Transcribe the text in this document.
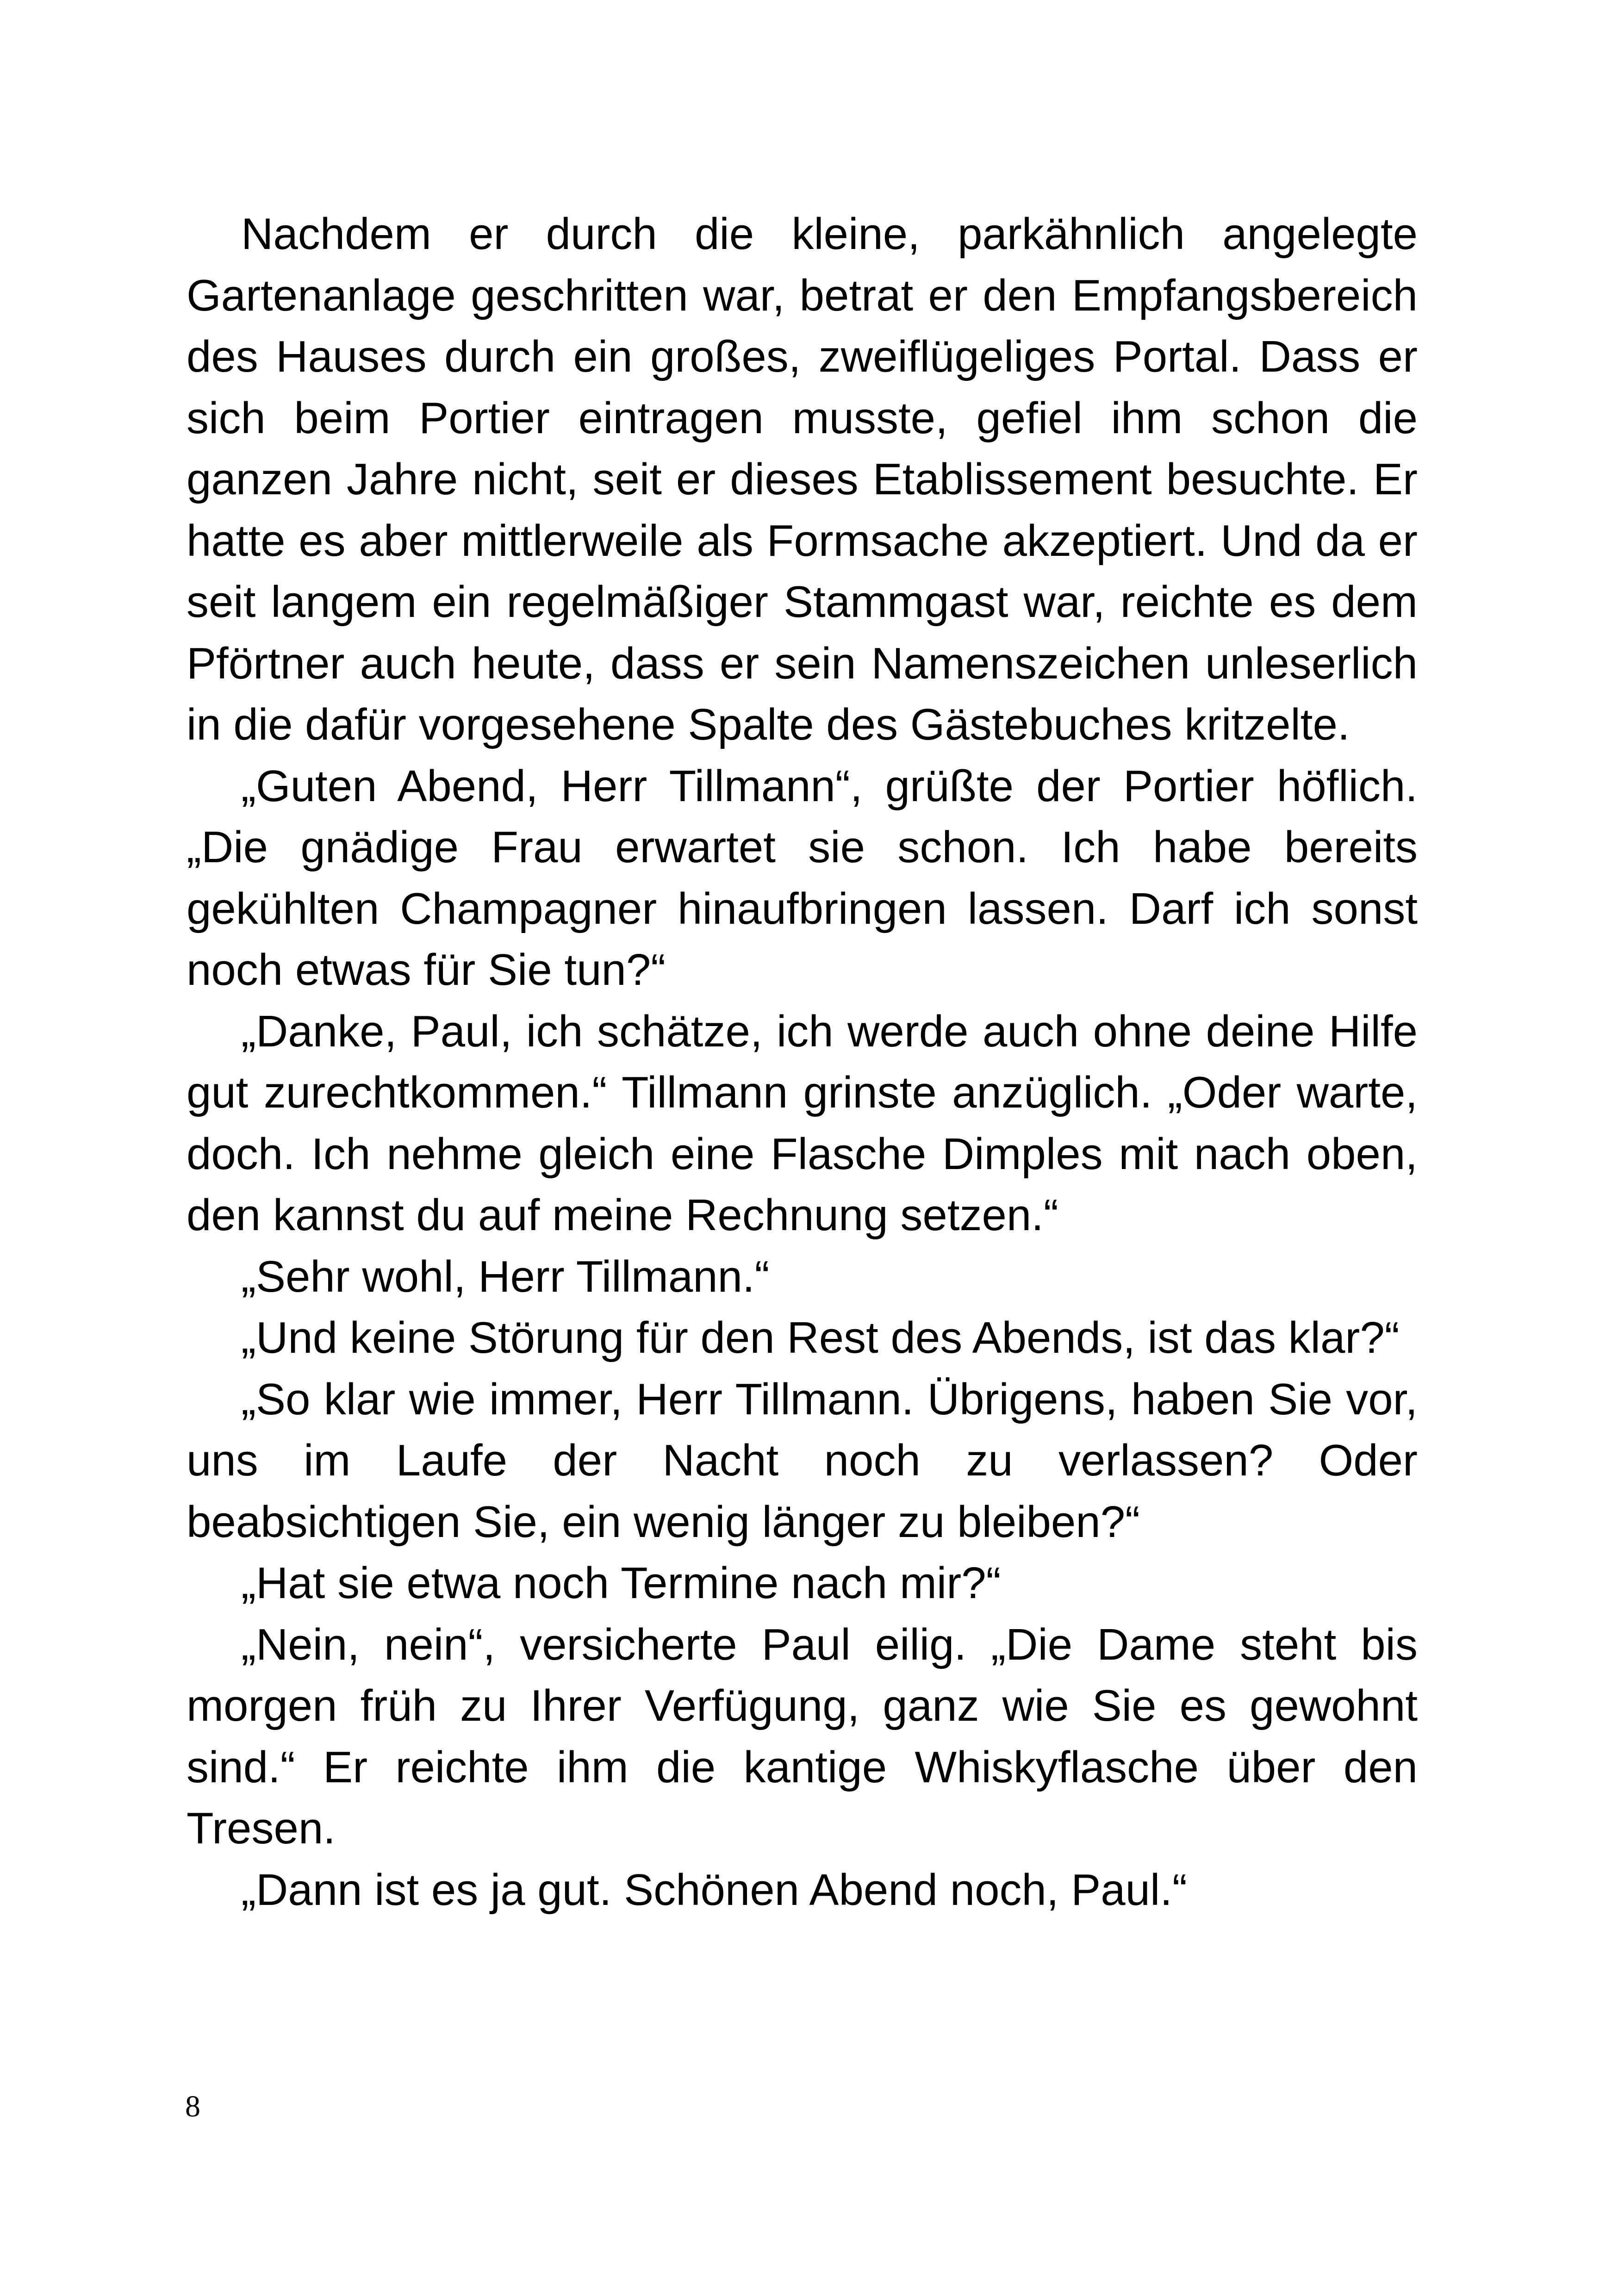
Nachdem er durch die kleine, parkähnlich angelegte Gartenanlage geschritten war, betrat er den Empfangsbereich des Hauses durch ein großes, zweiflügeliges Portal. Dass er sich beim Portier eintragen musste, gefiel ihm schon die ganzen Jahre nicht, seit er dieses Etablissement besuchte. Er hatte es aber mittlerweile als Formsache akzeptiert. Und da er seit langem ein regelmäßiger Stammgast war, reichte es dem Pförtner auch heute, dass er sein Namenszeichen unleserlich in die dafür vorgesehene Spalte des Gästebuches kritzelte.

„Guten Abend, Herr Tillmann“, grüßte der Portier höflich. „Die gnädige Frau erwartet sie schon. Ich habe bereits gekühlten Champagner hinaufbringen lassen. Darf ich sonst noch etwas für Sie tun?“

„Danke, Paul, ich schätze, ich werde auch ohne deine Hilfe gut zurechtkommen.“ Tillmann grinste anzüglich. „Oder warte, doch. Ich nehme gleich eine Flasche Dimples mit nach oben, den kannst du auf meine Rechnung setzen.“

„Sehr wohl, Herr Tillmann.“

„Und keine Störung für den Rest des Abends, ist das klar?“

„So klar wie immer, Herr Tillmann. Übrigens, haben Sie vor, uns im Laufe der Nacht noch zu verlassen? Oder beabsichtigen Sie, ein wenig länger zu bleiben?“

„Hat sie etwa noch Termine nach mir?“

„Nein, nein“, versicherte Paul eilig. „Die Dame steht bis morgen früh zu Ihrer Verfügung, ganz wie Sie es gewohnt sind.“ Er reichte ihm die kantige Whiskyflasche über den Tresen.

„Dann ist es ja gut. Schönen Abend noch, Paul.“

8
